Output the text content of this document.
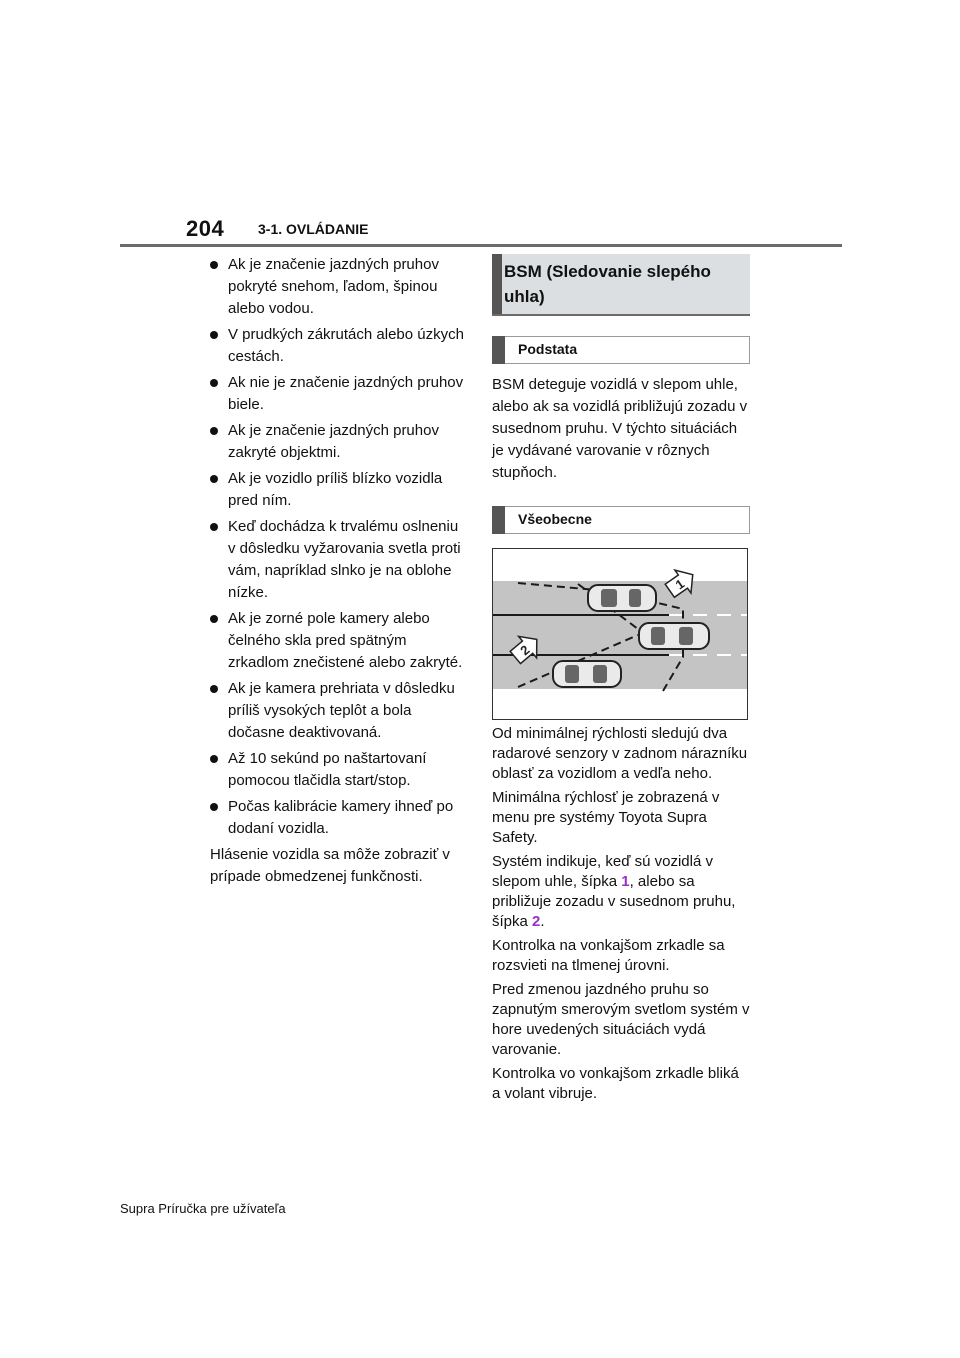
204 3-1. OVLÁDANIE
Ak je značenie jazdných pruhov pokryté snehom, ľadom, špinou alebo vodou.
V prudkých zákrutách alebo úzkych cestách.
Ak nie je značenie jazdných pruhov biele.
Ak je značenie jazdných pruhov zakryté objektmi.
Ak je vozidlo príliš blízko vozidla pred ním.
Keď dochádza k trvalému oslneniu v dôsledku vyžarovania svetla proti vám, napríklad slnko je na oblohe nízke.
Ak je zorné pole kamery alebo čelného skla pred spätným zrkadlom znečistené alebo zakryté.
Ak je kamera prehriata v dôsledku príliš vysokých teplôt a bola dočasne deaktivovaná.
Až 10 sekúnd po naštartovaní pomocou tlačidla start/stop.
Počas kalibrácie kamery ihneď po dodaní vozidla.
Hlásenie vozidla sa môže zobraziť v prípade obmedzenej funkčnosti.
BSM (Sledovanie slepého uhla)
Podstata
BSM deteguje vozidlá v slepom uhle, alebo ak sa vozidlá približujú zozadu v susednom pruhu. V týchto situáciách je vydávané varovanie v rôznych stupňoch.
Všeobecne
1
2

Od minimálnej rýchlosti sledujú dva radarové senzory v zadnom nárazníku oblasť za vozidlom a vedľa neho.

Minimálna rýchlosť je zobrazená v menu pre systémy Toyota Supra Safety.

Systém indikuje, keď sú vozidlá v slepom uhle, šípka 1, alebo sa približuje zozadu v susednom pruhu, šípka 2.

Kontrolka na vonkajšom zrkadle sa rozsvieti na tlmenej úrovni.

Pred zmenou jazdného pruhu so zapnutým smerovým svetlom systém v hore uvedených situáciách vydá varovanie.

Kontrolka vo vonkajšom zrkadle bliká a volant vibruje.

Supra Príručka pre užívateľa
